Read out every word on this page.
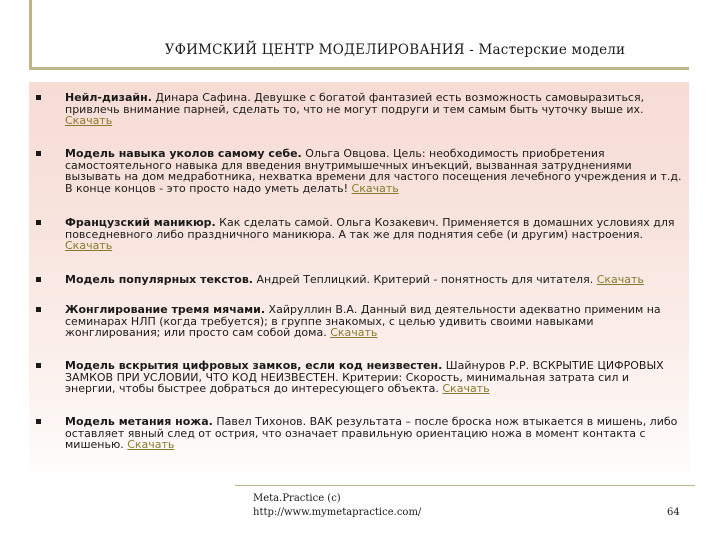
УФИМСКИЙ ЦЕНТР МОДЕЛИРОВАНИЯ - Мастерские модели
Нейл-дизайн. Динара Сафина. Девушке с богатой фантазией есть возможность самовыразиться, привлечь внимание парней, сделать то, что не могут подруги и тем самым быть чуточку выше их. Скачать
Модель навыка уколов самому себе. Ольга Овцова. Цель: необходимость приобретения самостоятельного навыка для введения внутримышечных инъекций, вызванная затруднениями вызывать на дом медработника, нехватка времени для частого посещения лечебного учреждения и т.д. В конце концов - это просто надо уметь делать! Скачать
Французский маникюр. Как сделать самой. Ольга Козакевич. Применяется в домашних условиях для повседневного либо праздничного маникюра. А так же для поднятия себе (и другим) настроения. Скачать
Модель популярных текстов. Андрей Теплицкий. Критерий - понятность для читателя. Скачать
Жонглирование тремя мячами. Хайруллин В.А. Данный вид деятельности адекватно применим на семинарах НЛП (когда требуется); в группе знакомых, с целью удивить своими навыками жонглирования; или просто сам собой дома. Скачать
Модель вскрытия цифровых замков, если код неизвестен. Шайнуров Р.Р. ВСКРЫТИЕ ЦИФРОВЫХ ЗАМКОВ ПРИ УСЛОВИИ, ЧТО КОД НЕИЗВЕСТЕН. Критерии: Скорость, минимальная затрата сил и энергии, чтобы быстрее добраться до интересующего объекта. Скачать
Модель метания ножа. Павел Тихонов. ВАК результата – после броска нож втыкается в мишень, либо оставляет явный след от острия, что означает правильную ориентацию ножа в момент контакта с мишенью. Скачать
Meta.Practice (c)
http://www.mymetapractice.com/	64
